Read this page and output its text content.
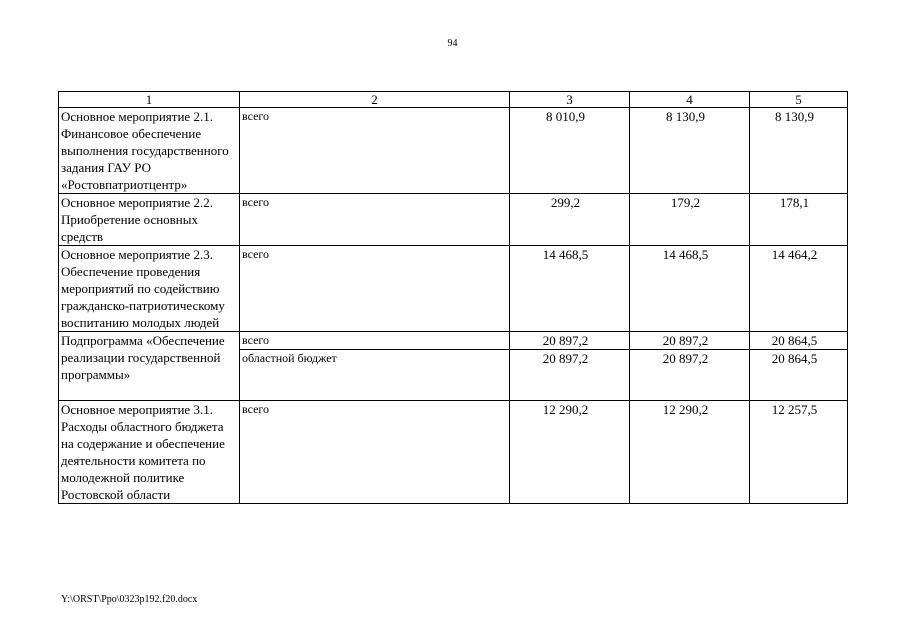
94
1	2	3	4	5
Основное мероприятие 2.1. Финансовое обеспечение выполнения государственного задания ГАУ РО «Ростовпатриотцентр»	всего	8 010,9	8 130,9	8 130,9
Основное мероприятие 2.2. Приобретение основных средств	всего	299,2	179,2	178,1
Основное мероприятие 2.3. Обеспечение проведения мероприятий по содействию гражданско-патриотическому воспитанию молодых людей	всего	14 468,5	14 468,5	14 464,2
Подпрограмма «Обеспечение реализации государственной программы»	всего	20 897,2	20 897,2	20 864,5
	областной бюджет	20 897,2	20 897,2	20 864,5
Основное мероприятие 3.1. Расходы областного бюджета на содержание и обеспечение деятельности комитета по молодежной политике Ростовской области	всего	12 290,2	12 290,2	12 257,5
Y:\ORST\Ppo\0323p192.f20.docx
